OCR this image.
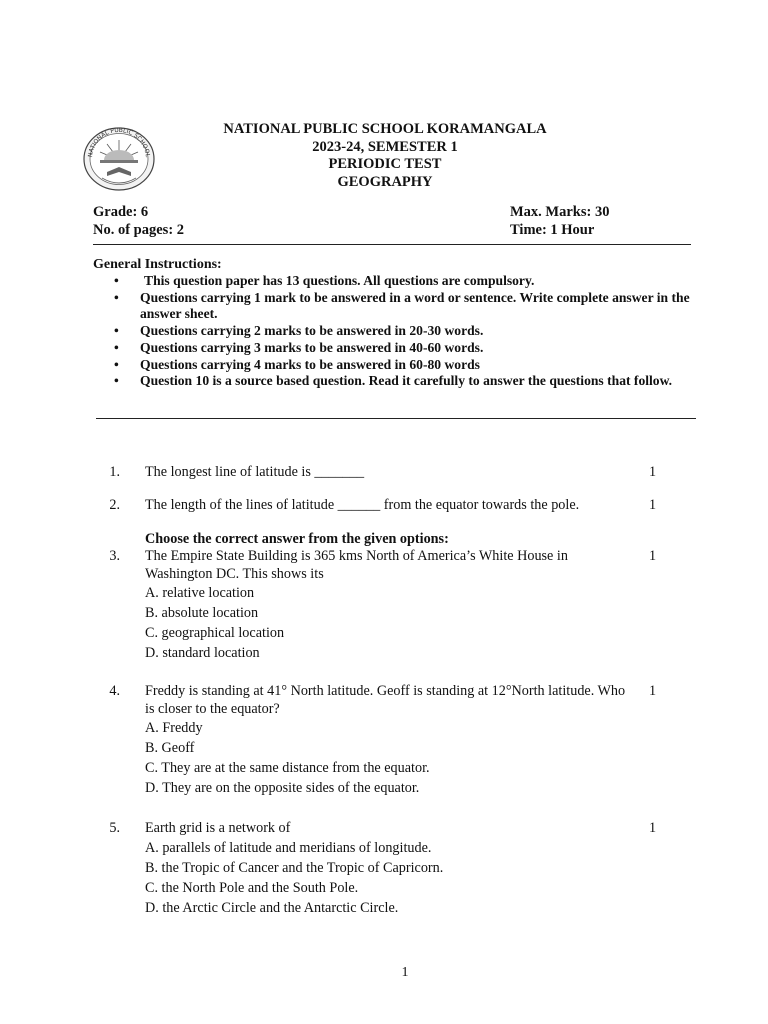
NATIONAL PUBLIC SCHOOL
NATIONAL PUBLIC SCHOOL KORAMANGALA
2023-24, SEMESTER 1
PERIODIC TEST
GEOGRAPHY
Grade: 6
No. of pages: 2
Max. Marks: 30
Time: 1 Hour
General Instructions:
• This question paper has 13 questions. All questions are compulsory.
• Questions carrying 1 mark to be answered in a word or sentence. Write complete answer in the answer sheet.
• Questions carrying 2 marks to be answered in 20-30 words.
• Questions carrying 3 marks to be answered in 40-60 words.
• Questions carrying 4 marks to be answered in 60-80 words
• Question 10 is a source based question. Read it carefully to answer the questions that follow.
1. The longest line of latitude is _______	1
2. The length of the lines of latitude ______ from the equator towards the pole.	1
Choose the correct answer from the given options:
3. The Empire State Building is 365 kms North of America’s White House in Washington DC. This shows its
A. relative location
B. absolute location
C. geographical location
D. standard location
1
4. Freddy is standing at 41° North latitude. Geoff is standing at 12°North latitude. Who is closer to the equator?
A. Freddy
B. Geoff
C. They are at the same distance from the equator.
D. They are on the opposite sides of the equator.
1
5. Earth grid is a network of
A. parallels of latitude and meridians of longitude.
B. the Tropic of Cancer and the Tropic of Capricorn.
C. the North Pole and the South Pole.
D. the Arctic Circle and the Antarctic Circle.
1
1
